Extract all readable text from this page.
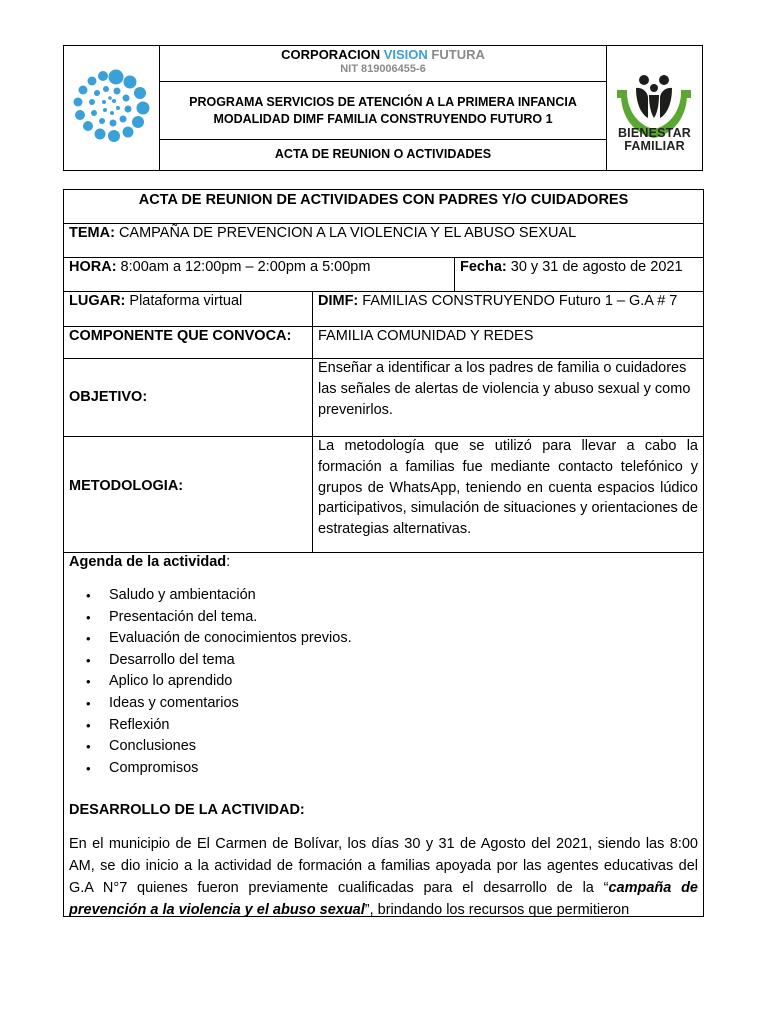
CORPORACION VISION FUTURA
NIT 819006455-6
PROGRAMA SERVICIOS DE ATENCIÓN A LA PRIMERA INFANCIA
MODALIDAD DIMF FAMILIA CONSTRUYENDO FUTURO 1
ACTA DE REUNION O ACTIVIDADES
BIENESTAR
FAMILIAR
ACTA DE REUNION DE ACTIVIDADES CON PADRES Y/O CUIDADORES
TEMA: CAMPAÑA DE PREVENCION A LA VIOLENCIA Y EL ABUSO SEXUAL
HORA: 8:00am a 12:00pm – 2:00pm a 5:00pm	Fecha: 30 y 31 de agosto de 2021
LUGAR: Plataforma virtual	DIMF: FAMILIAS CONSTRUYENDO Futuro 1 – G.A # 7
COMPONENTE QUE CONVOCA:	FAMILIA COMUNIDAD Y REDES
OBJETIVO:
Enseñar a identificar a los padres de familia o cuidadores las señales de alertas de violencia y abuso sexual y como prevenirlos.
METODOLOGIA:
La metodología que se utilizó para llevar a cabo la formación a familias fue mediante contacto telefónico y grupos de WhatsApp, teniendo en cuenta espacios lúdico participativos, simulación de situaciones y orientaciones de estrategias alternativas.
Agenda de la actividad:
• Saludo y ambientación
• Presentación del tema.
• Evaluación de conocimientos previos.
• Desarrollo del tema
• Aplico lo aprendido
• Ideas y comentarios
• Reflexión
• Conclusiones
• Compromisos
DESARROLLO DE LA ACTIVIDAD:
En el municipio de El Carmen de Bolívar, los días 30 y 31 de Agosto del 2021, siendo las 8:00 AM, se dio inicio a la actividad de formación a familias apoyada por las agentes educativas del G.A N°7 quienes fueron previamente cualificadas para el desarrollo de la “campaña de prevención a la violencia y el abuso sexual”, brindando los recursos que permitieron
